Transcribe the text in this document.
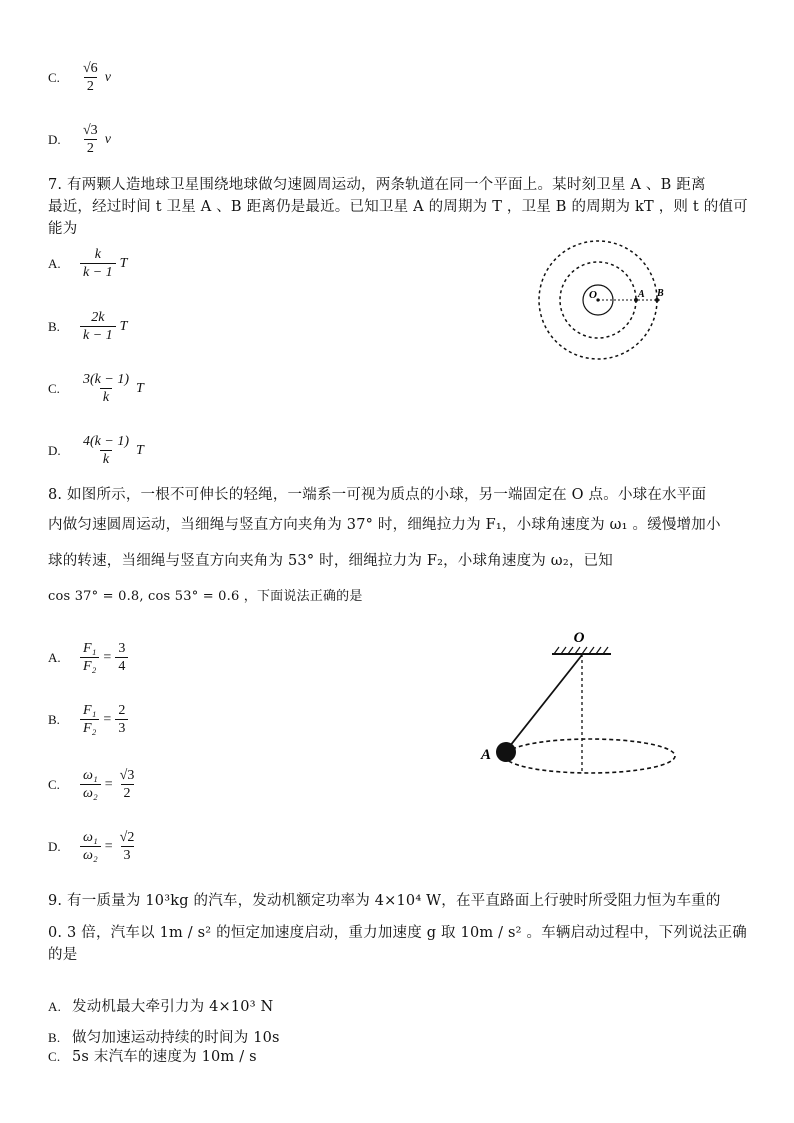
C.	$\frac{√6}{2}$ v
D.	$\frac{√3}{2}$ v
7. 有两颗人造地球卫星围绕地球做匀速圆周运动，两条轨道在同一个平面上。某时刻卫星 A 、B 距离
最近，经过时间 t 卫星 A 、B 距离仍是最近。已知卫星 A 的周期为 T ，卫星 B 的周期为 kT ，则 t 的值可
能为
A.	$\frac{k}{k - 1}$ T
B.	$\frac{2k}{k - 1}$ T
C.	$\frac{3(k - 1)}{k}$ T
D.	$\frac{4(k - 1)}{k}$ T
O	A B
8. 如图所示，一根不可伸长的轻绳，一端系一可视为质点的小球，另一端固定在 O 点。小球在水平面
内做匀速圆周运动，当细绳与竖直方向夹角为 37° 时，细绳拉力为 F₁，小球角速度为 ω₁ 。缓慢增加小
球的转速，当细绳与竖直方向夹角为 53° 时，细绳拉力为 F₂，小球角速度为 ω₂，已知
cos 37° = 0.8, cos 53° = 0.6 ，下面说法正确的是
A.	$\frac{\text{F₁}}{\text{F₂}} = \frac{3}{4}$
B.	$\frac{\text{F₁}}{\text{F₂}} = \frac{2}{3}$
C.	$\frac{\text{ω₁}}{\text{ω₂}} = \frac{√3}{2}$
D.	$\frac{\text{ω₁}}{\text{ω₂}} = \frac{√2}{3}$
O
A
9. 有一质量为 10³kg 的汽车，发动机额定功率为 4×10⁴ W，在平直路面上行驶时所受阻力恒为车重的
0. 3 倍，汽车以 1m / s² 的恒定加速度启动，重力加速度 g 取 10m / s² 。车辆启动过程中，下列说法正确
的是
A. 发动机最大牵引力为 4×10³ N
B. 做匀加速运动持续的时间为 10s
C. 5s 末汽车的速度为 10m / s
